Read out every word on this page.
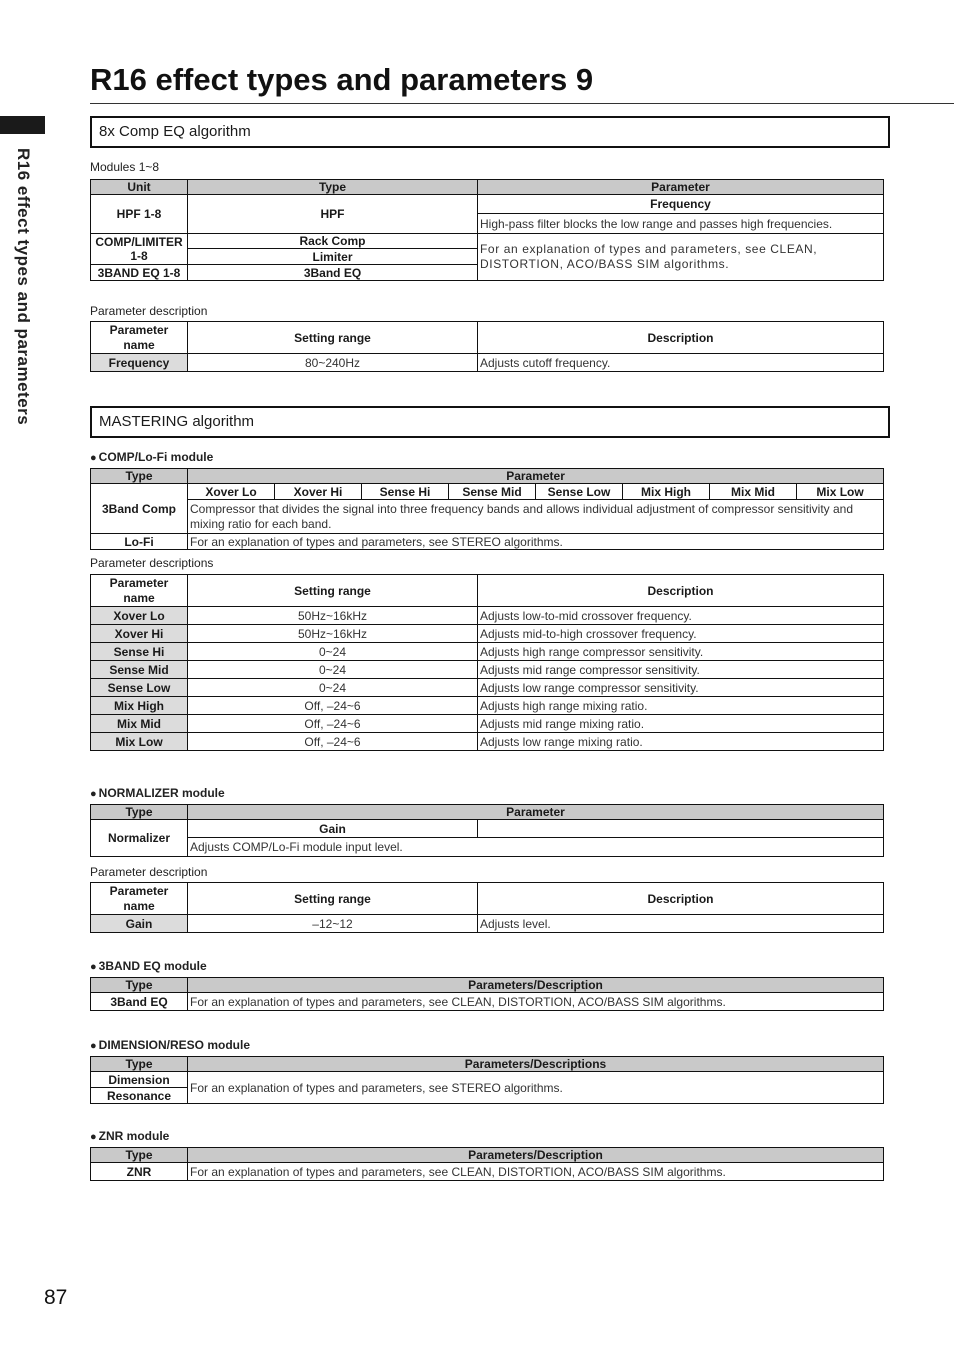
R16 effect types and parameters 9
R16 effect types and parameters
8x Comp EQ algorithm
Modules 1~8
Unit	Type	Parameter
HPF 1-8	HPF	Frequency
		High-pass filter blocks the low range and passes high frequencies.
COMP/LIMITER 1-8	Rack Comp	For an explanation of types and parameters, see CLEAN, DISTORTION, ACO/BASS SIM algorithms.
	Limiter	
3BAND EQ 1-8	3Band EQ	
Parameter description
Parameter name	Setting range	Description
Frequency	80~240Hz	Adjusts cutoff frequency.
MASTERING algorithm
● COMP/Lo-Fi module
Type	Parameter							
3Band Comp	Xover Lo	Xover Hi	Sense Hi	Sense Mid	Sense Low	Mix High	Mix Mid	Mix Low
	Compressor that divides the signal into three frequency bands and allows individual adjustment of compressor sensitivity and mixing ratio for each band.							
Lo-Fi	For an explanation of types and parameters, see STEREO algorithms.							
Parameter descriptions
Parameter name	Setting range	Description
Xover Lo	50Hz~16kHz	Adjusts low-to-mid crossover frequency.
Xover Hi	50Hz~16kHz	Adjusts mid-to-high crossover frequency.
Sense Hi	0~24	Adjusts high range compressor sensitivity.
Sense Mid	0~24	Adjusts mid range compressor sensitivity.
Sense Low	0~24	Adjusts low range compressor sensitivity.
Mix High	Off, –24~6	Adjusts high range mixing ratio.
Mix Mid	Off, –24~6	Adjusts mid range mixing ratio.
Mix Low	Off, –24~6	Adjusts low range mixing ratio.
● NORMALIZER module
Type	Parameter	
Normalizer	Gain	
	Adjusts COMP/Lo-Fi module input level.	
Parameter description
Parameter name	Setting range	Description
Gain	–12~12	Adjusts level.
● 3BAND EQ module
Type	Parameters/Description
3Band EQ	For an explanation of types and parameters, see CLEAN, DISTORTION, ACO/BASS SIM algorithms.
● DIMENSION/RESO module
Type	Parameters/Descriptions
Dimension	For an explanation of types and parameters, see STEREO algorithms.
Resonance	
● ZNR module
Type	Parameters/Description
ZNR	For an explanation of types and parameters, see CLEAN, DISTORTION, ACO/BASS SIM algorithms.
87
